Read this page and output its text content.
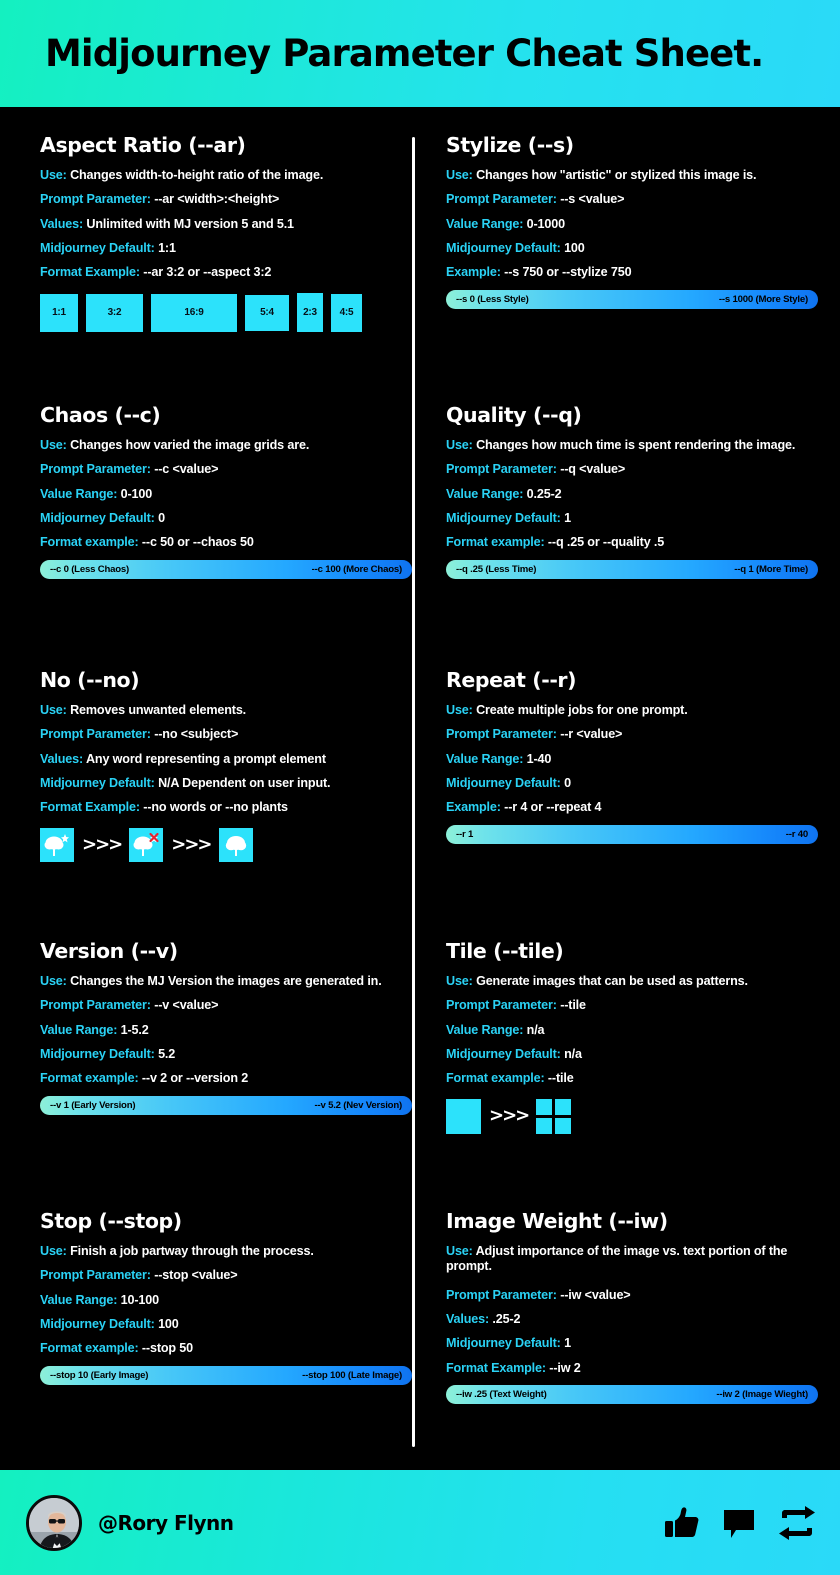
Midjourney Parameter Cheat Sheet.
Aspect Ratio (--ar)
Use: Changes width-to-height ratio of the image.
Prompt Parameter: --ar <width>:<height>
Values: Unlimited with MJ version 5 and 5.1
Midjourney Default: 1:1
Format Example: --ar 3:2 or --aspect 3:2
1:1	3:2	16:9	5:4	2:3	4:5
Chaos (--c)
Use: Changes how varied the image grids are.
Prompt Parameter: --c <value>
Value Range: 0-100
Midjourney Default: 0
Format example: --c 50 or --chaos 50
--c 0 (Less Chaos)	--c 100 (More Chaos)
No (--no)
Use: Removes unwanted elements.
Prompt Parameter: --no <subject>
Values: Any word representing a prompt element
Midjourney Default: N/A Dependent on user input.
Format Example: --no words or --no plants
>>>	>>>
Version (--v)
Use: Changes the MJ Version the images are generated in.
Prompt Parameter: --v <value>
Value Range: 1-5.2
Midjourney Default: 5.2
Format example: --v 2 or --version 2
--v 1 (Early Version)	--v 5.2 (Nev Version)
Stop (--stop)
Use: Finish a job partway through the process.
Prompt Parameter: --stop <value>
Value Range: 10-100
Midjourney Default: 100
Format example: --stop 50
--stop 10 (Early Image)	--stop 100 (Late Image)
Stylize (--s)
Use: Changes how "artistic" or stylized this image is.
Prompt Parameter: --s <value>
Value Range: 0-1000
Midjourney Default: 100
Example: --s 750 or --stylize 750
--s 0 (Less Style)	--s 1000 (More Style)
Quality (--q)
Use: Changes how much time is spent rendering the image.
Prompt Parameter: --q <value>
Value Range: 0.25-2
Midjourney Default: 1
Format example: --q .25 or --quality .5
--q .25 (Less Time)	--q 1 (More Time)
Repeat (--r)
Use: Create multiple jobs for one prompt.
Prompt Parameter: --r <value>
Value Range: 1-40
Midjourney Default: 0
Example: --r 4 or --repeat 4
--r 1	--r 40
Tile (--tile)
Use: Generate images that can be used as patterns.
Prompt Parameter: --tile
Value Range: n/a
Midjourney Default: n/a
Format example: --tile
>>>
Image Weight (--iw)
Use: Adjust importance of the image vs. text portion of the prompt.
Prompt Parameter: --iw <value>
Values: .25-2
Midjourney Default: 1
Format Example: --iw 2
--iw .25 (Text Weight)	--iw 2 (Image Wieght)
@Rory Flynn
